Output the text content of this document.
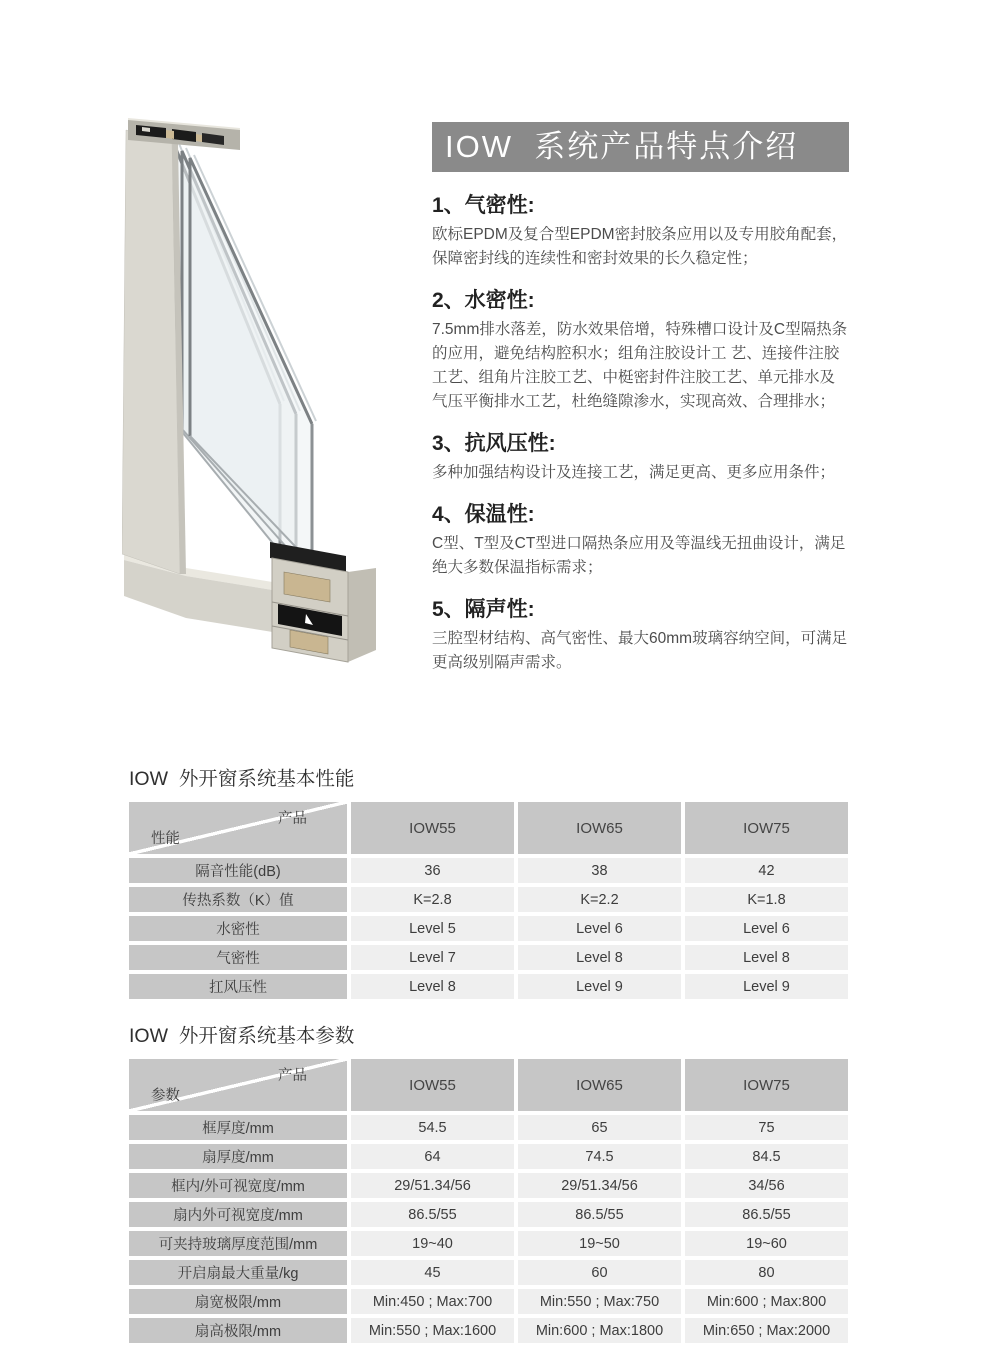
IOW  系统产品特点介绍
1、气密性:

欧标EPDM及复合型EPDM密封胶条应用以及专用胶角配套，保障密封线的连续性和密封效果的长久稳定性；

2、水密性:

7.5mm排水落差，防水效果倍增，特殊槽口设计及C型隔热条的应用，避免结构腔积水；组角注胶设计工 艺、连接件注胶工艺、组角片注胶工艺、中梃密封件注胶工艺、单元排水及气压平衡排水工艺，杜绝缝隙渗水，实现高效、合理排水；

3、抗风压性:

多种加强结构设计及连接工艺，满足更高、更多应用条件；

4、保温性:

C型、T型及CT型进口隔热条应用及等温线无扭曲设计，满足绝大多数保温指标需求；

5、隔声性:

三腔型材结构、高气密性、最大60mm玻璃容纳空间，可满足更高级别隔声需求。

IOW  外开窗系统基本性能
产品
性能
IOW55	IOW65	IOW75
隔音性能(dB)	36	38	42
传热系数（K）值	K=2.8	K=2.2	K=1.8
水密性	Level 5	Level 6	Level 6
气密性	Level 7	Level 8	Level 8
扛风压性	Level 8	Level 9	Level 9
IOW  外开窗系统基本参数
产品
参数
IOW55	IOW65	IOW75
框厚度/mm	54.5	65	75
扇厚度/mm	64	74.5	84.5
框内/外可视宽度/mm	29/51.34/56	29/51.34/56	34/56
扇内外可视宽度/mm	86.5/55	86.5/55	86.5/55
可夹持玻璃厚度范围/mm	19~40	19~50	19~60
开启扇最大重量/kg	45	60	80
扇宽极限/mm	Min:450 ; Max:700	Min:550 ; Max:750	Min:600 ; Max:800
扇高极限/mm	Min:550 ; Max:1600	Min:600 ; Max:1800	Min:650 ; Max:2000
